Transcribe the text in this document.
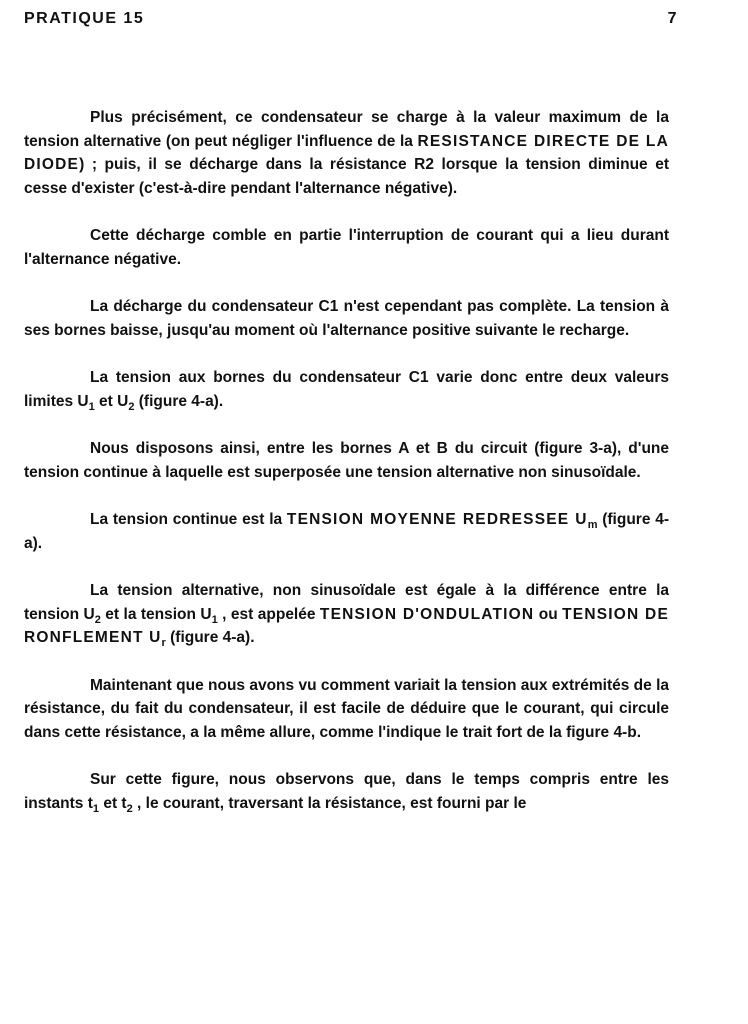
PRATIQUE 15	7

Plus précisément, ce condensateur se charge à la valeur maximum de la tension alternative (on peut négliger l'influence de la RESISTANCE DIRECTE DE LA DIODE) ; puis, il se décharge dans la résistance R2 lorsque la tension diminue et cesse d'exister (c'est-à-dire pendant l'alternance négative).

Cette décharge comble en partie l'interruption de courant qui a lieu durant l'alternance négative.

La décharge du condensateur C1 n'est cependant pas complète. La tension à ses bornes baisse, jusqu'au moment où l'alternance positive suivante le recharge.

La tension aux bornes du condensateur C1 varie donc entre deux valeurs limites $U_1$ et $U_2$ (figure 4-a).

Nous disposons ainsi, entre les bornes A et B du circuit (figure 3-a), d'une tension continue à laquelle est superposée une tension alternative non sinusoïdale.

La tension continue est la TENSION MOYENNE REDRESSEE $U_m$ (figure 4-a).

La tension alternative, non sinusoïdale est égale à la différence entre la tension $U_2$ et la tension $U_1$ , est appelée TENSION D'ONDULATION ou TENSION DE RONFLEMENT $U_r$ (figure 4-a).

Maintenant que nous avons vu comment variait la tension aux extrémités de la résistance, du fait du condensateur, il est facile de déduire que le courant, qui circule dans cette résistance, a la même allure, comme l'indique le trait fort de la figure 4-b.

Sur cette figure, nous observons que, dans le temps compris entre les instants $t_1$ et $t_2$ , le courant, traversant la résistance, est fourni par le
